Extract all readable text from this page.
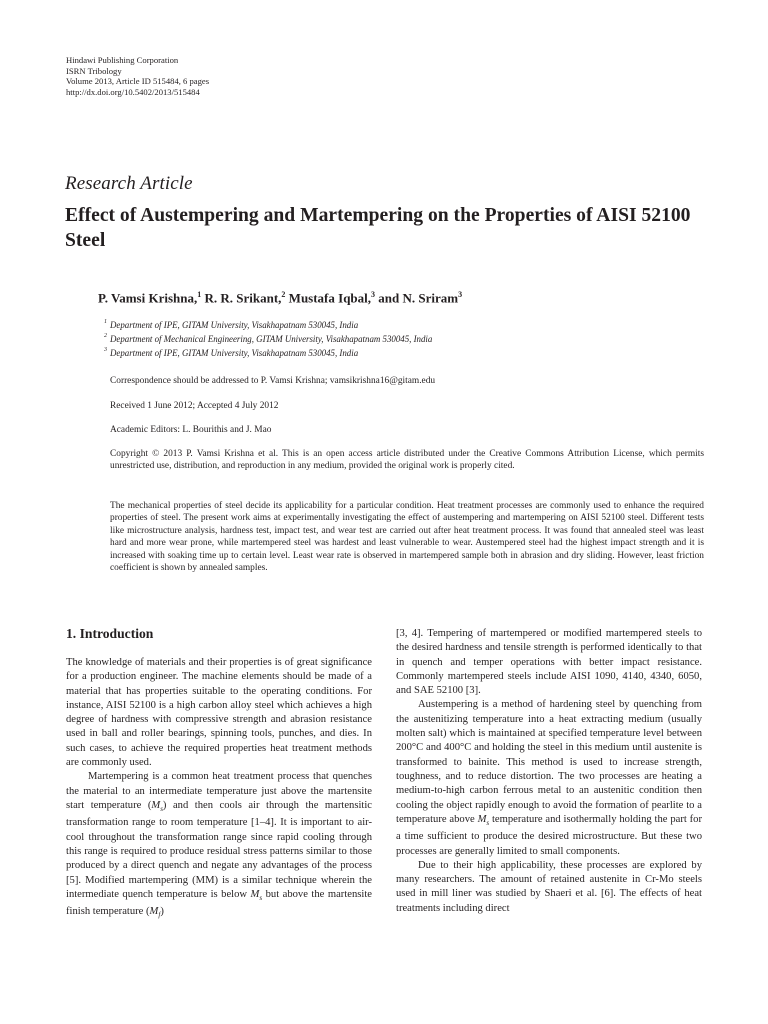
Hindawi Publishing Corporation
ISRN Tribology
Volume 2013, Article ID 515484, 6 pages
http://dx.doi.org/10.5402/2013/515484
Research Article
Effect of Austempering and Martempering on the Properties of AISI 52100 Steel
P. Vamsi Krishna,$^1$ R. R. Srikant,$^2$ Mustafa Iqbal,$^3$ and N. Sriram$^3$
1 Department of IPE, GITAM University, Visakhapatnam 530045, India
2 Department of Mechanical Engineering, GITAM University, Visakhapatnam 530045, India
3 Department of IPE, GITAM University, Visakhapatnam 530045, India
Correspondence should be addressed to P. Vamsi Krishna; vamsikrishna16@gitam.edu
Received 1 June 2012; Accepted 4 July 2012
Academic Editors: L. Bourithis and J. Mao
Copyright © 2013 P. Vamsi Krishna et al. This is an open access article distributed under the Creative Commons Attribution License, which permits unrestricted use, distribution, and reproduction in any medium, provided the original work is properly cited.
The mechanical properties of steel decide its applicability for a particular condition. Heat treatment processes are commonly used to enhance the required properties of steel. The present work aims at experimentally investigating the effect of austempering and martempering on AISI 52100 steel. Different tests like microstructure analysis, hardness test, impact test, and wear test are carried out after heat treatment process. It was found that annealed steel was least hard and more wear prone, while martempered steel was hardest and least vulnerable to wear. Austempered steel had the highest impact strength and it is increased with soaking time up to certain level. Least wear rate is observed in martempered sample both in abrasion and dry sliding. However, least friction coefficient is shown by annealed samples.
1. Introduction

The knowledge of materials and their properties is of great significance for a production engineer. The machine elements should be made of a material that has properties suitable to the operating conditions. For instance, AISI 52100 is a high carbon alloy steel which achieves a high degree of hardness with compressive strength and abrasion resistance used in ball and roller bearings, spinning tools, punches, and dies. In such cases, to achieve the required properties heat treatment methods are commonly used.

Martempering is a common heat treatment process that quenches the material to an intermediate temperature just above the martensite start temperature $(M_s)$ and then cools air through the martensitic transformation range to room temperature [1–4]. It is important to air-cool throughout the transformation range since rapid cooling through this range is required to produce residual stress patterns similar to those produced by a direct quench and negate any advantages of the process [5]. Modified martempering (MM) is a similar technique wherein the intermediate quench temperature is below $M_s$ but above the martensite finish temperature $(M_f)$

[3, 4]. Tempering of martempered or modified martempered steels to the desired hardness and tensile strength is performed identically to that in quench and temper operations with better impact resistance. Commonly martempered steels include AISI 1090, 4140, 4340, 6050, and SAE 52100 [3].

Austempering is a method of hardening steel by quenching from the austenitizing temperature into a heat extracting medium (usually molten salt) which is maintained at specified temperature level between 200°C and 400°C and holding the steel in this medium until austenite is transformed to bainite. This method is used to increase strength, toughness, and to reduce distortion. The two processes are heating a medium-to-high carbon ferrous metal to an austenitic condition then cooling the object rapidly enough to avoid the formation of pearlite to a temperature above $M_s$ temperature and isothermally holding the part for a time sufficient to produce the desired microstructure. But these two processes are generally limited to small components.

Due to their high applicability, these processes are explored by many researchers. The amount of retained austenite in Cr-Mo steels used in mill liner was studied by Shaeri et al. [6]. The effects of heat treatments including direct
